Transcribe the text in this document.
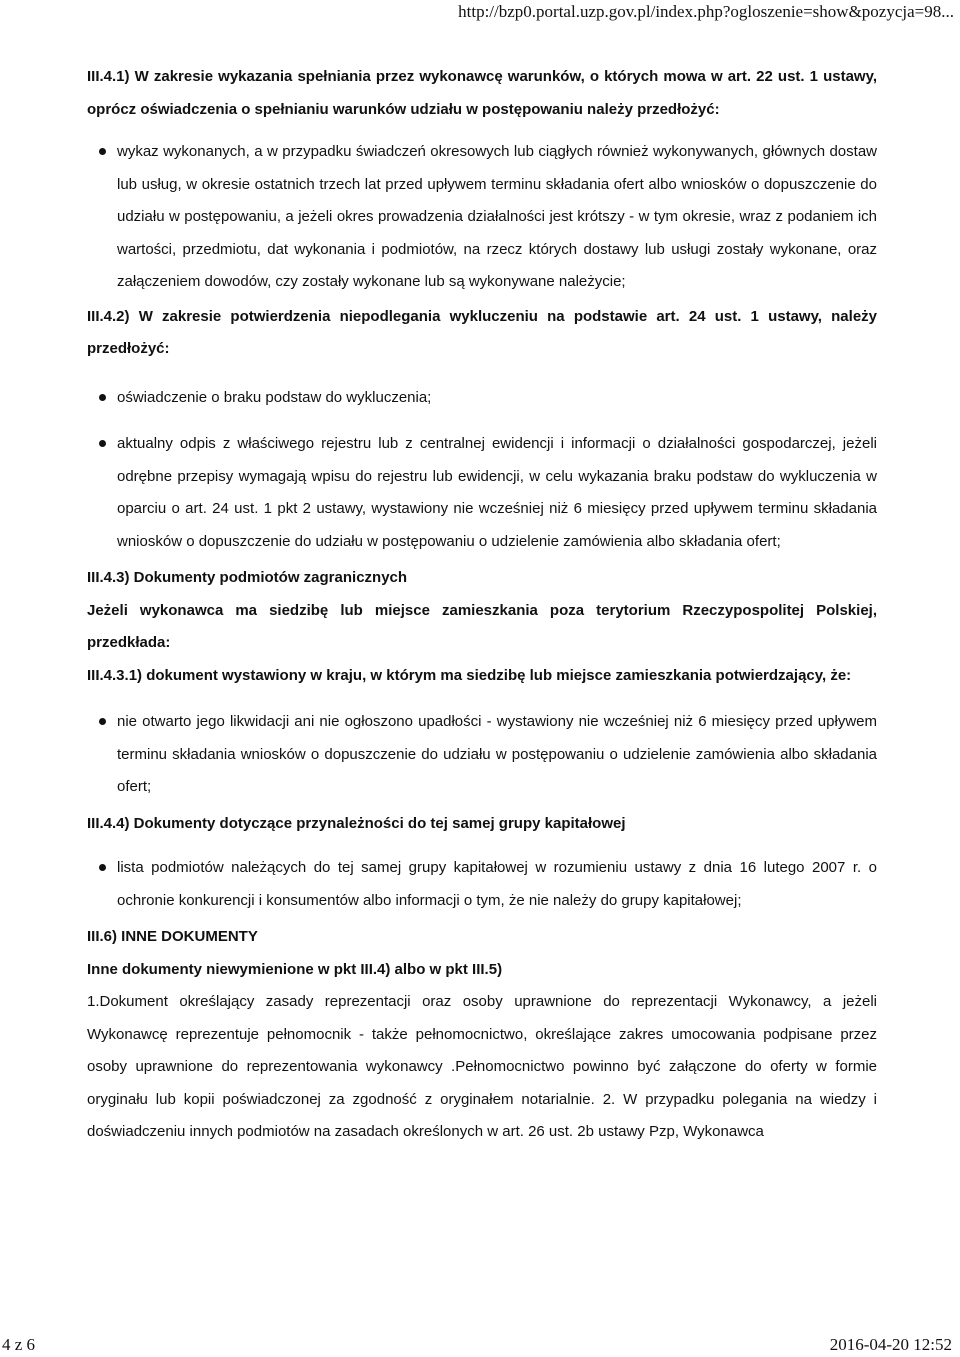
http://bzp0.portal.uzp.gov.pl/index.php?ogloszenie=show&pozycja=98...

III.4.1) W zakresie wykazania spełniania przez wykonawcę warunków, o których mowa w art. 22 ust. 1 ustawy, oprócz oświadczenia o spełnianiu warunków udziału w postępowaniu należy przedłożyć:

wykaz wykonanych, a w przypadku świadczeń okresowych lub ciągłych również wykonywanych, głównych dostaw lub usług, w okresie ostatnich trzech lat przed upływem terminu składania ofert albo wniosków o dopuszczenie do udziału w postępowaniu, a jeżeli okres prowadzenia działalności jest krótszy - w tym okresie, wraz z podaniem ich wartości, przedmiotu, dat wykonania i podmiotów, na rzecz których dostawy lub usługi zostały wykonane, oraz załączeniem dowodów, czy zostały wykonane lub są wykonywane należycie;

III.4.2) W zakresie potwierdzenia niepodlegania wykluczeniu na podstawie art. 24 ust. 1 ustawy, należy przedłożyć:

oświadczenie o braku podstaw do wykluczenia;
aktualny odpis z właściwego rejestru lub z centralnej ewidencji i informacji o działalności gospodarczej, jeżeli odrębne przepisy wymagają wpisu do rejestru lub ewidencji, w celu wykazania braku podstaw do wykluczenia w oparciu o art. 24 ust. 1 pkt 2 ustawy, wystawiony nie wcześniej niż 6 miesięcy przed upływem terminu składania wniosków o dopuszczenie do udziału w postępowaniu o udzielenie zamówienia albo składania ofert;

III.4.3) Dokumenty podmiotów zagranicznych

Jeżeli wykonawca ma siedzibę lub miejsce zamieszkania poza terytorium Rzeczypospolitej Polskiej, przedkłada:

III.4.3.1) dokument wystawiony w kraju, w którym ma siedzibę lub miejsce zamieszkania potwierdzający, że:

nie otwarto jego likwidacji ani nie ogłoszono upadłości - wystawiony nie wcześniej niż 6 miesięcy przed upływem terminu składania wniosków o dopuszczenie do udziału w postępowaniu o udzielenie zamówienia albo składania ofert;

III.4.4) Dokumenty dotyczące przynależności do tej samej grupy kapitałowej

lista podmiotów należących do tej samej grupy kapitałowej w rozumieniu ustawy z dnia 16 lutego 2007 r. o ochronie konkurencji i konsumentów albo informacji o tym, że nie należy do grupy kapitałowej;

III.6) INNE DOKUMENTY

Inne dokumenty niewymienione w pkt III.4) albo w pkt III.5)

1.Dokument określający zasady reprezentacji oraz osoby uprawnione do reprezentacji Wykonawcy, a jeżeli Wykonawcę reprezentuje pełnomocnik - także pełnomocnictwo, określające zakres umocowania podpisane przez osoby uprawnione do reprezentowania wykonawcy .Pełnomocnictwo powinno być załączone do oferty w formie oryginału lub kopii poświadczonej za zgodność z oryginałem notarialnie. 2. W przypadku polegania na wiedzy i doświadczeniu innych podmiotów na zasadach określonych w art. 26 ust. 2b ustawy Pzp, Wykonawca

4 z 6	2016-04-20 12:52
